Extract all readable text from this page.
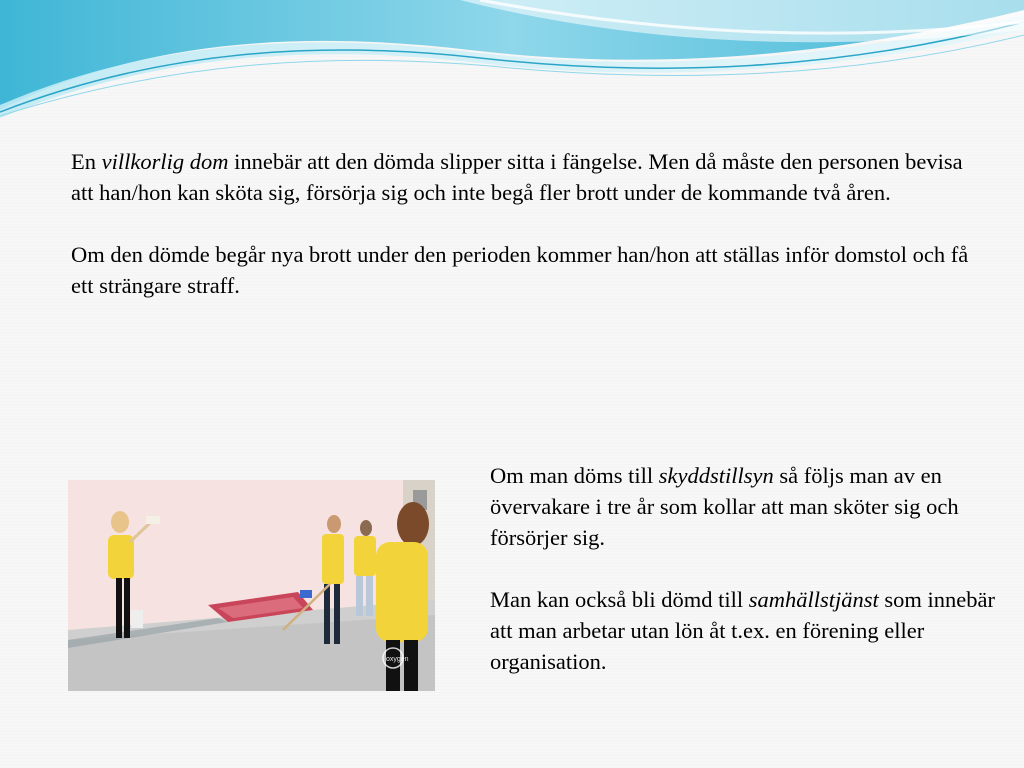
En villkorlig dom innebär att den dömda slipper sitta i fängelse. Men då måste den personen bevisa att han/hon kan sköta sig, försörja sig och inte begå fler brott under de kommande två åren.

Om den dömde begår nya brott under den perioden kommer han/hon att ställas inför domstol och få ett strängare straff.

oxygen

Om man döms till skyddstillsyn så följs man av en övervakare i tre år som kollar att man sköter sig och försörjer sig.

Man kan också bli dömd till samhällstjänst som innebär att man arbetar utan lön åt t.ex. en förening eller organisation.
